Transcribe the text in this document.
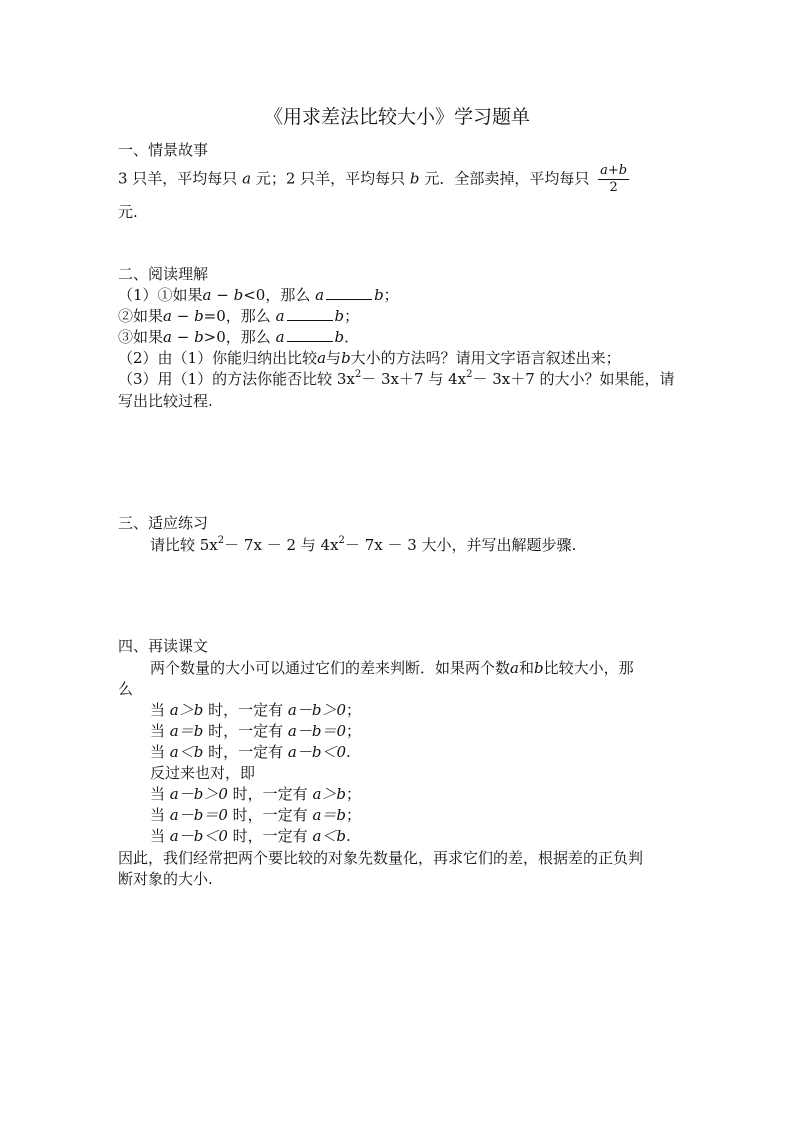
《用求差法比较大小》学习题单
一、情景故事
3 只羊，平均每只 a 元；2 只羊，平均每只 b 元．全部卖掉，平均每只 $\frac{a+b}{2}$
元.
二、阅读理解
（1）①如果a − b<0，那么 a	b；
②如果a − b=0，那么 a	b；
③如果a − b>0，那么 a	b．
（2）由（1）你能归纳出比较a与b大小的方法吗？请用文字语言叙述出来；
（3）用（1）的方法你能否比较 $3x^2- 3x+7$ 与 $4x^2- 3x+7$ 的大小？如果能，请
写出比较过程.
三、适应练习
请比较 $5x^2- 7x - 2$ 与 $4x^2- 7x - 3$ 大小，并写出解题步骤.
四、再读课文
两个数量的大小可以通过它们的差来判断．如果两个数a和b比较大小，那
么
当 a＞b 时，一定有 a－b＞0；
当 a＝b 时，一定有 a－b＝0；
当 a＜b 时，一定有 a－b＜0.
反过来也对，即
当 a－b＞0 时，一定有 a＞b；
当 a－b＝0 时，一定有 a＝b；
当 a－b＜0 时，一定有 a＜b.
因此，我们经常把两个要比较的对象先数量化，再求它们的差，根据差的正负判
断对象的大小.
